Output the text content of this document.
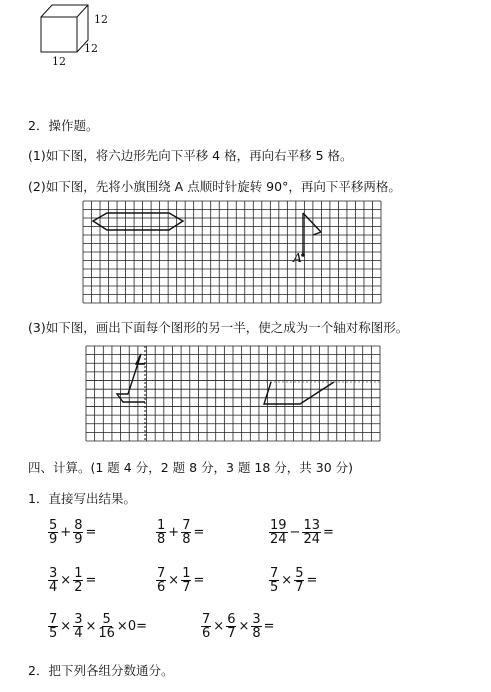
12
12
12
2．操作题。
(1)如下图，将六边形先向下平移 4 格，再向右平移 5 格。
(2)如下图，先将小旗围绕 A 点顺时针旋转 90°，再向下平移两格。
A
(3)如下图，画出下面每个图形的另一半，使之成为一个轴对称图形。
四、计算。(1 题 4 分，2 题 8 分，3 题 18 分，共 30 分)
1．直接写出结果。
$\frac{5}{9} + \frac{8}{9}$ =	$\frac{1}{8} + \frac{7}{8}$ =	$\frac{19}{24} - \frac{13}{24}$ =
$\frac{3}{4} \times \frac{1}{2}$ =	$\frac{7}{6} \times \frac{1}{7}$ =	$\frac{7}{5} \times \frac{5}{7}$ =
$\frac{7}{5} \times \frac{3}{4} \times \frac{5}{16} \times 0=$	$\frac{7}{6} \times \frac{6}{7} \times \frac{3}{8}$ =
2．把下列各组分数通分。
